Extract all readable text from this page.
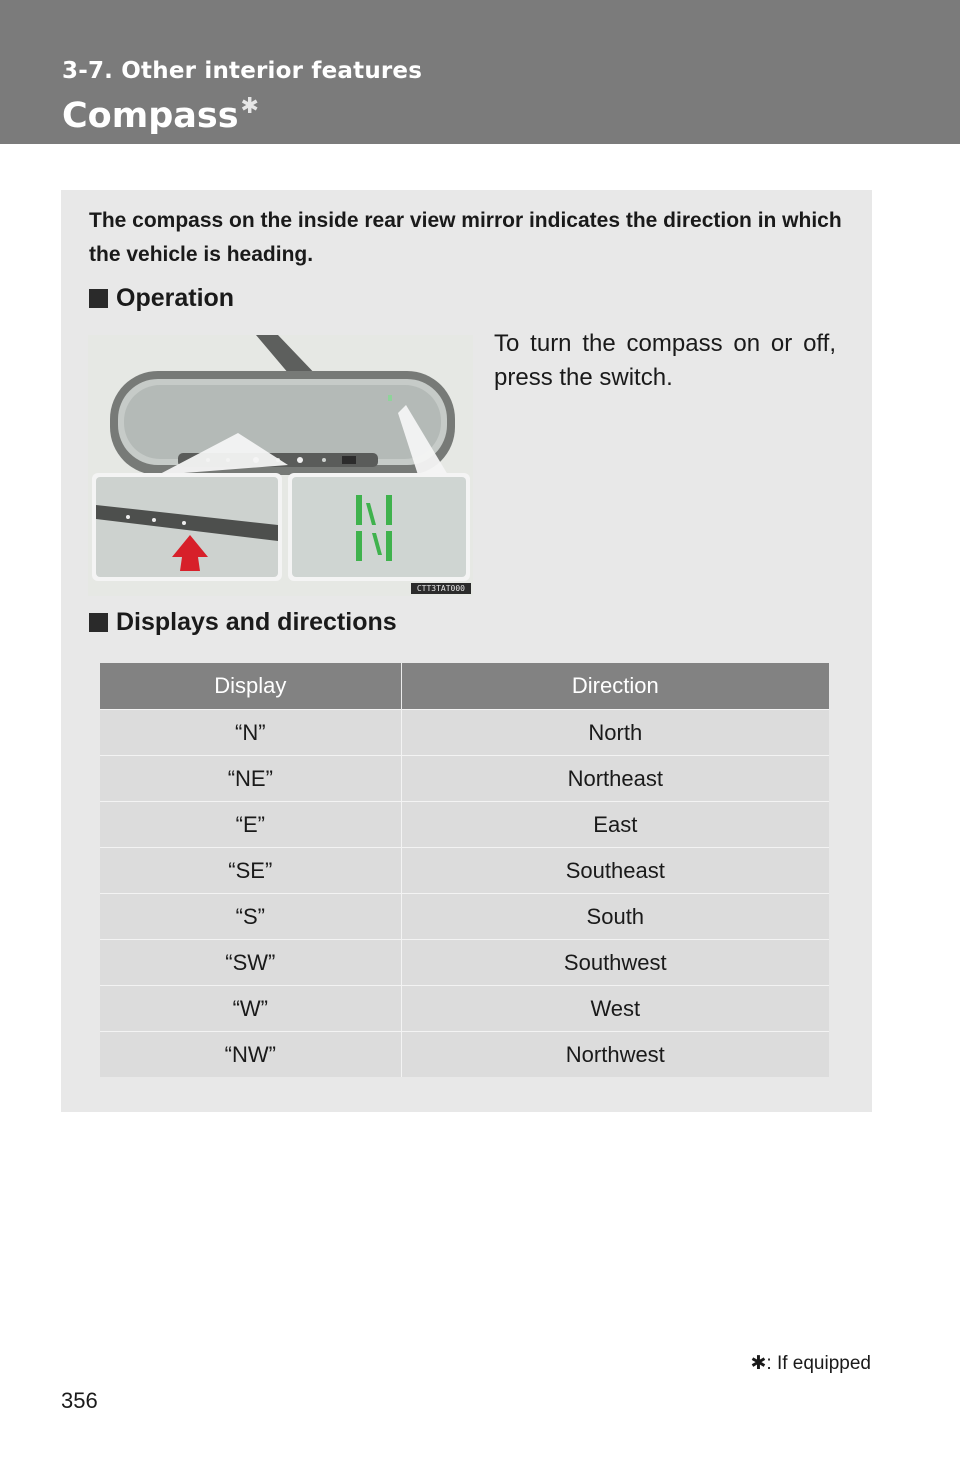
3-7. Other interior features
Compass✱
The compass on the inside rear view mirror indicates the direction in which the vehicle is heading.
Operation
CTT3TAT000
To turn the compass on or off, press the switch.
Displays and directions
Display	Direction
“N”	North
“NE”	Northeast
“E”	East
“SE”	Southeast
“S”	South
“SW”	Southwest
“W”	West
“NW”	Northwest
✱: If equipped
356
